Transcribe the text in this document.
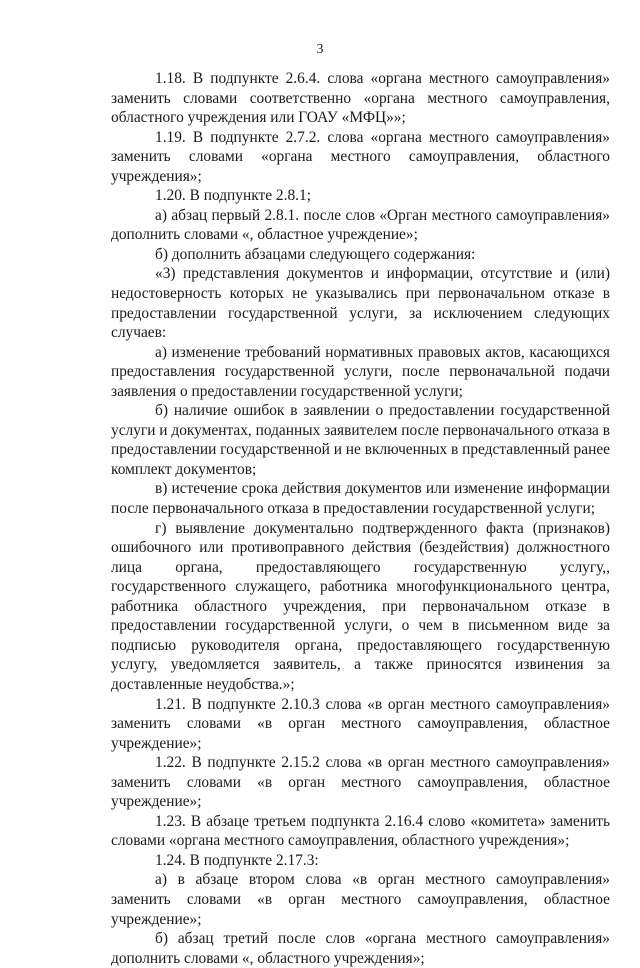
3

1.18. В подпункте 2.6.4. слова «органа местного самоуправления» заменить словами соответственно «органа местного самоуправления, областного учреждения или ГОАУ «МФЦ»»;

1.19. В подпункте 2.7.2. слова «органа местного самоуправления» заменить словами «органа местного самоуправления, областного учреждения»;

1.20. В подпункте 2.8.1;

а) абзац первый 2.8.1. после слов «Орган местного самоуправления» дополнить словами «, областное учреждение»;

б) дополнить абзацами следующего содержания:

«3) представления документов и информации, отсутствие и (или) недостоверность которых не указывались при первоначальном отказе в предоставлении государственной услуги, за исключением следующих случаев:

а) изменение требований нормативных правовых актов, касающихся предоставления государственной услуги, после первоначальной подачи заявления о предоставлении государственной услуги;

б) наличие ошибок в заявлении о предоставлении государственной услуги и документах, поданных заявителем после первоначального отказа в предоставлении государственной и не включенных в представленный ранее комплект документов;

в) истечение срока действия документов или изменение информации после первоначального отказа в предоставлении государственной услуги;

г) выявление документально подтвержденного факта (признаков) ошибочного или противоправного действия (бездействия) должностного лица органа, предоставляющего государственную услугу,, государственного служащего, работника многофункционального центра, работника областного учреждения, при первоначальном отказе в предоставлении государственной услуги, о чем в письменном виде за подписью руководителя органа, предоставляющего государственную услугу, уведомляется заявитель, а также приносятся извинения за доставленные неудобства.»;

1.21. В подпункте 2.10.3 слова «в орган местного самоуправления» заменить словами «в орган местного самоуправления, областное учреждение»;

1.22. В подпункте 2.15.2 слова «в орган местного самоуправления» заменить словами «в орган местного самоуправления, областное учреждение»;

1.23. В абзаце третьем подпункта 2.16.4 слово «комитета» заменить словами «органа местного самоуправления, областного учреждения»;

1.24. В подпункте 2.17.3:

а) в абзаце втором слова «в орган местного самоуправления» заменить словами «в орган местного самоуправления, областное учреждение»;

б) абзац третий после слов «органа местного самоуправления» дополнить словами «, областного учреждения»;
